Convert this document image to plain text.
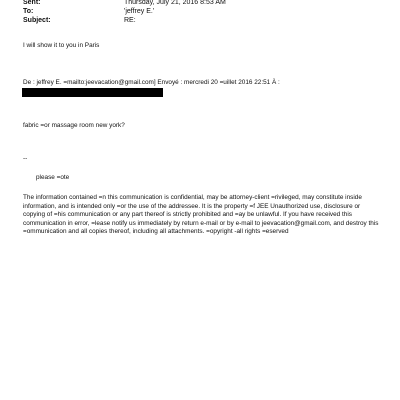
Sent:	Thursday, July 21, 2016 8:53 AM
To:	'jeffrey E.'
Subject:	RE:
I will show it to you in Paris
De : jeffrey E. =mailto:jeevacation@gmail.com] Envoyé : mercredi 20 =uillet 2016 22:51 À :
fabric =or massage room new york?
--
please =ote
The information contained =n this communication is confidential, may be attorney-client =rivileged, may constitute inside information, and is intended only =or the use of the addressee. It is the property =f JEE Unauthorized use, disclosure or copying of =his communication or any part thereof is strictly prohibited and =ay be unlawful. If you have received this communication in error, =lease notify us immediately by return e-mail or by e-mail to jeevacation@gmail.com, and destroy this =ommunication and all copies thereof, including all attachments. =opyright -all rights =eserved
